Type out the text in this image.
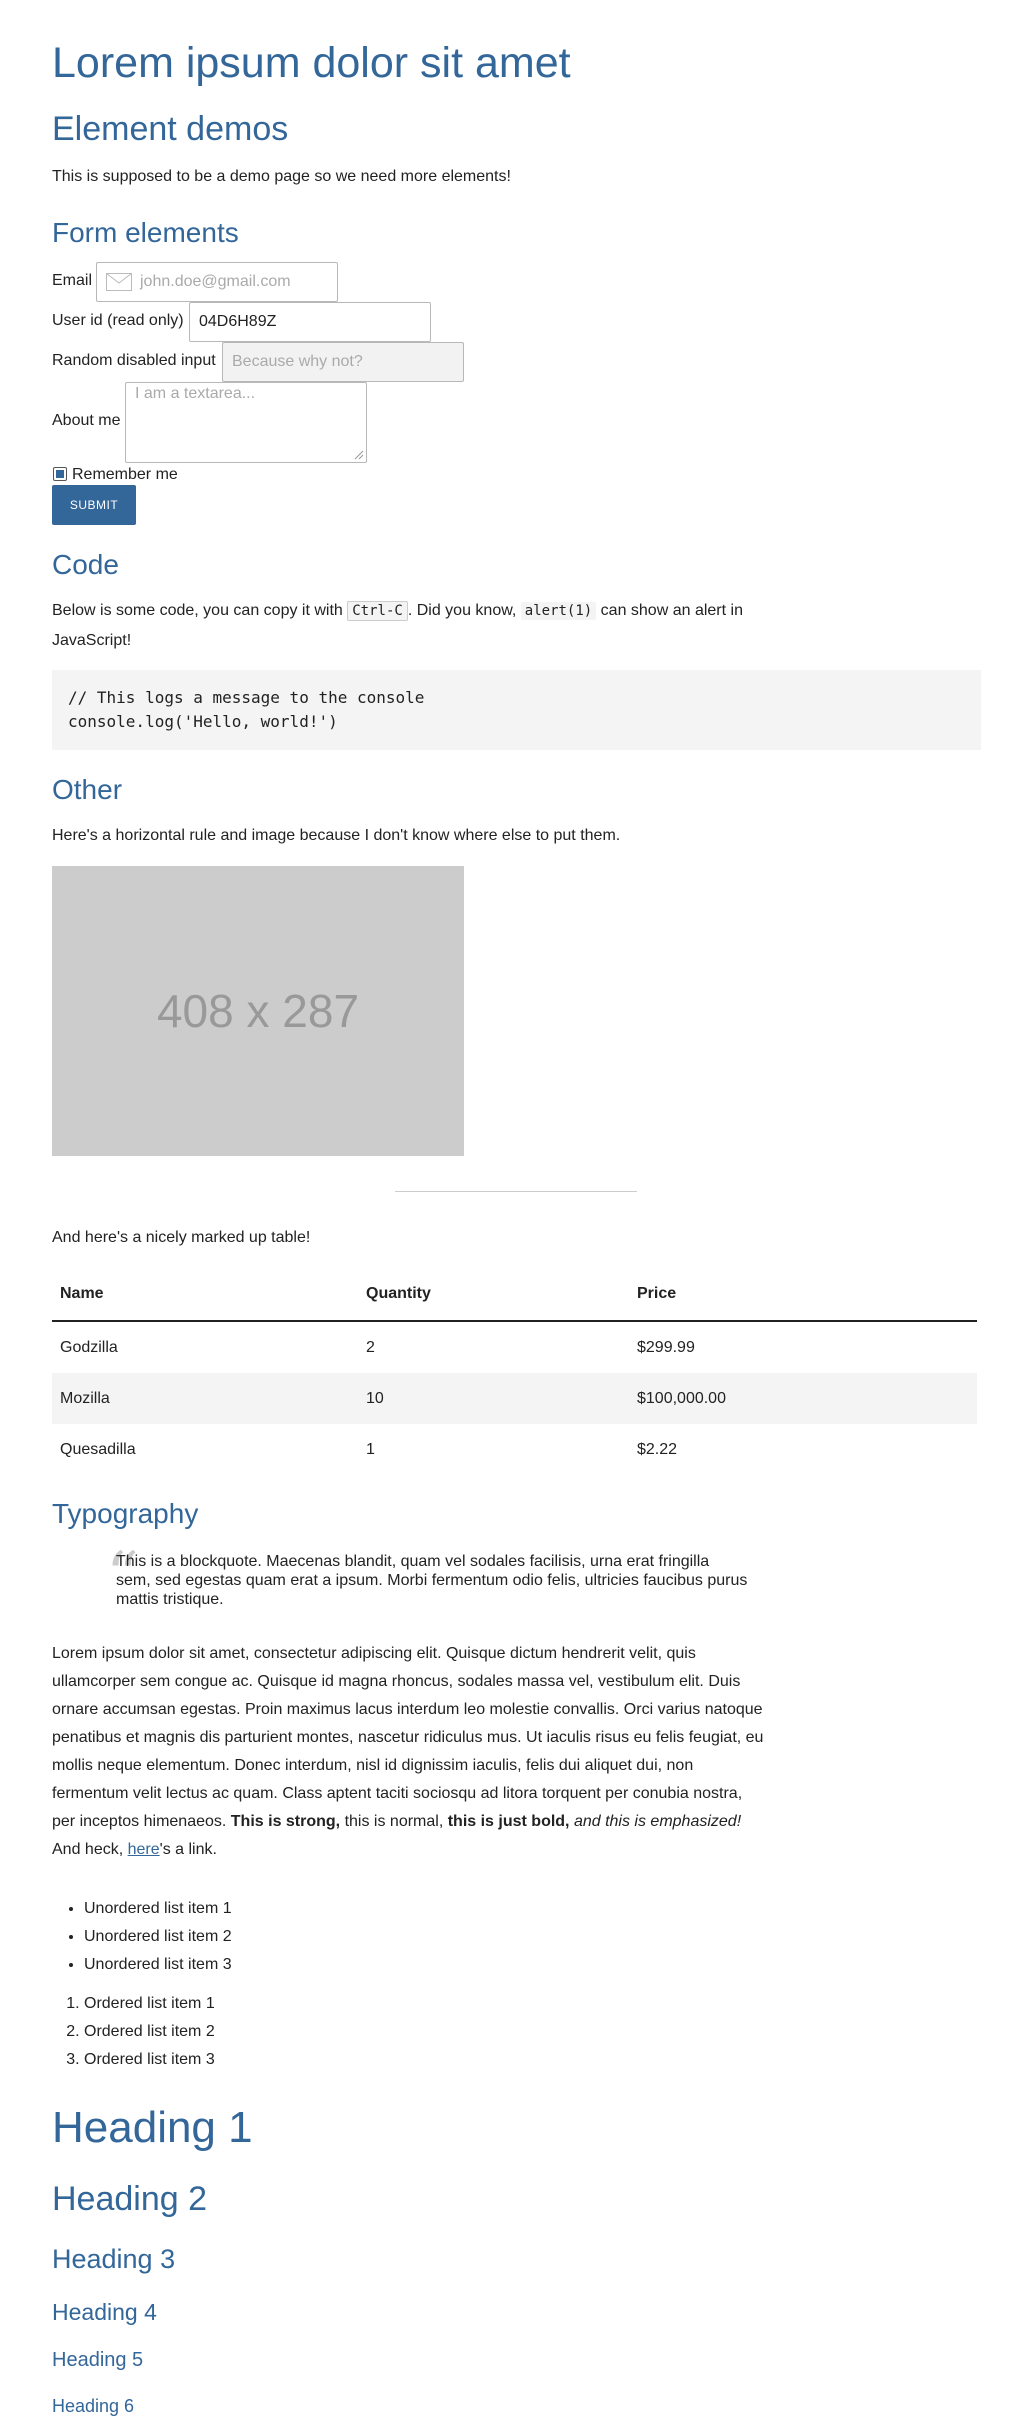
Lorem ipsum dolor sit amet
Element demos

This is supposed to be a demo page so we need more elements!

Form elements
Email	john.doe@gmail.com
User id (read only) 04D6H89Z
Random disabled input Because why not?
About me
I am a textarea...
Remember me
SUBMIT
Code

Below is some code, you can copy it with Ctrl-C . Did you know, alert(1) can show an alert in
JavaScript!

// This logs a message to the console
console.log('Hello, world!')
Other

Here's a horizontal rule and image because I don't know where else to put them.

408 x 287

And here's a nicely marked up table!

Name	Quantity	Price
Godzilla	2	$299.99
Mozilla	10	$100,000.00
Quesadilla	1	$2.22
Typography
“
This is a blockquote. Maecenas blandit, quam vel sodales facilisis, urna erat fringilla
sem, sed egestas quam erat a ipsum. Morbi fermentum odio felis, ultricies faucibus purus
mattis tristique.

Lorem ipsum dolor sit amet, consectetur adipiscing elit. Quisque dictum hendrerit velit, quis
ullamcorper sem congue ac. Quisque id magna rhoncus, sodales massa vel, vestibulum elit. Duis
ornare accumsan egestas. Proin maximus lacus interdum leo molestie convallis. Orci varius natoque
penatibus et magnis dis parturient montes, nascetur ridiculus mus. Ut iaculis risus eu felis feugiat, eu
mollis neque elementum. Donec interdum, nisl id dignissim iaculis, felis dui aliquet dui, non
fermentum velit lectus ac quam. Class aptent taciti sociosqu ad litora torquent per conubia nostra,
per inceptos himenaeos. This is strong, this is normal, this is just bold, and this is emphasized!
And heck, here's a link.

• Unordered list item 1
• Unordered list item 2
• Unordered list item 3
1. Ordered list item 1
2. Ordered list item 2
3. Ordered list item 3
Heading 1
Heading 2
Heading 3
Heading 4
Heading 5
Heading 6
